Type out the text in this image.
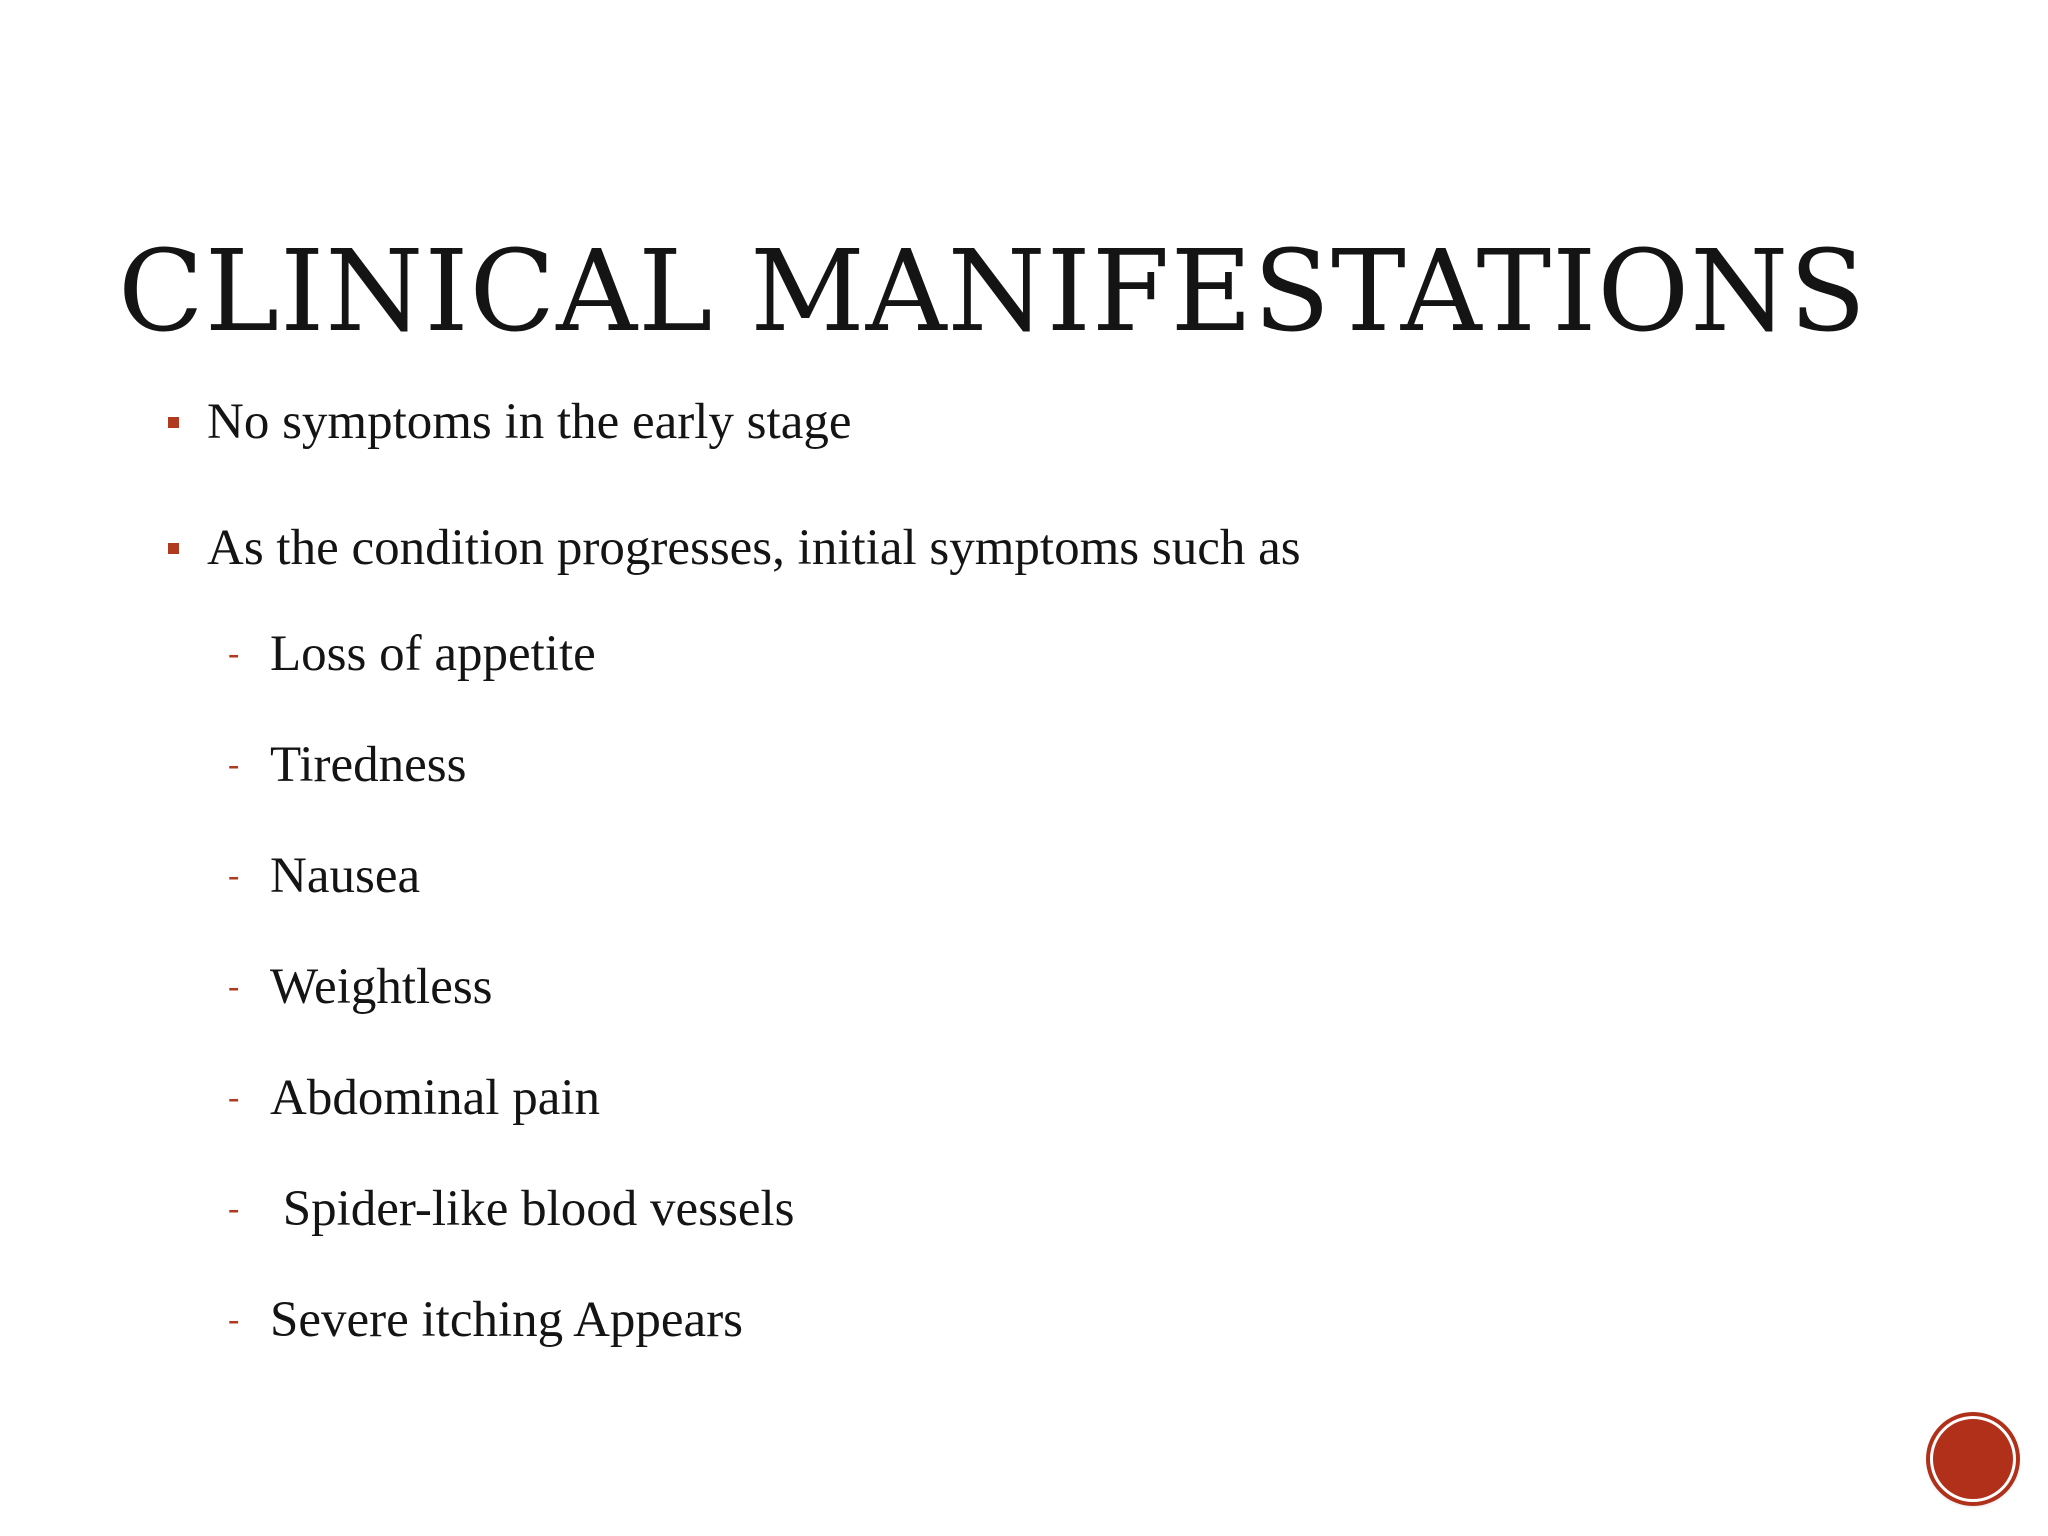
CLINICAL MANIFESTATIONS
No symptoms in the early stage
As the condition progresses, initial symptoms such as
- Loss of appetite
- Tiredness
- Nausea
- Weightless
- Abdominal pain
- Spider-like blood vessels
- Severe itching Appears
